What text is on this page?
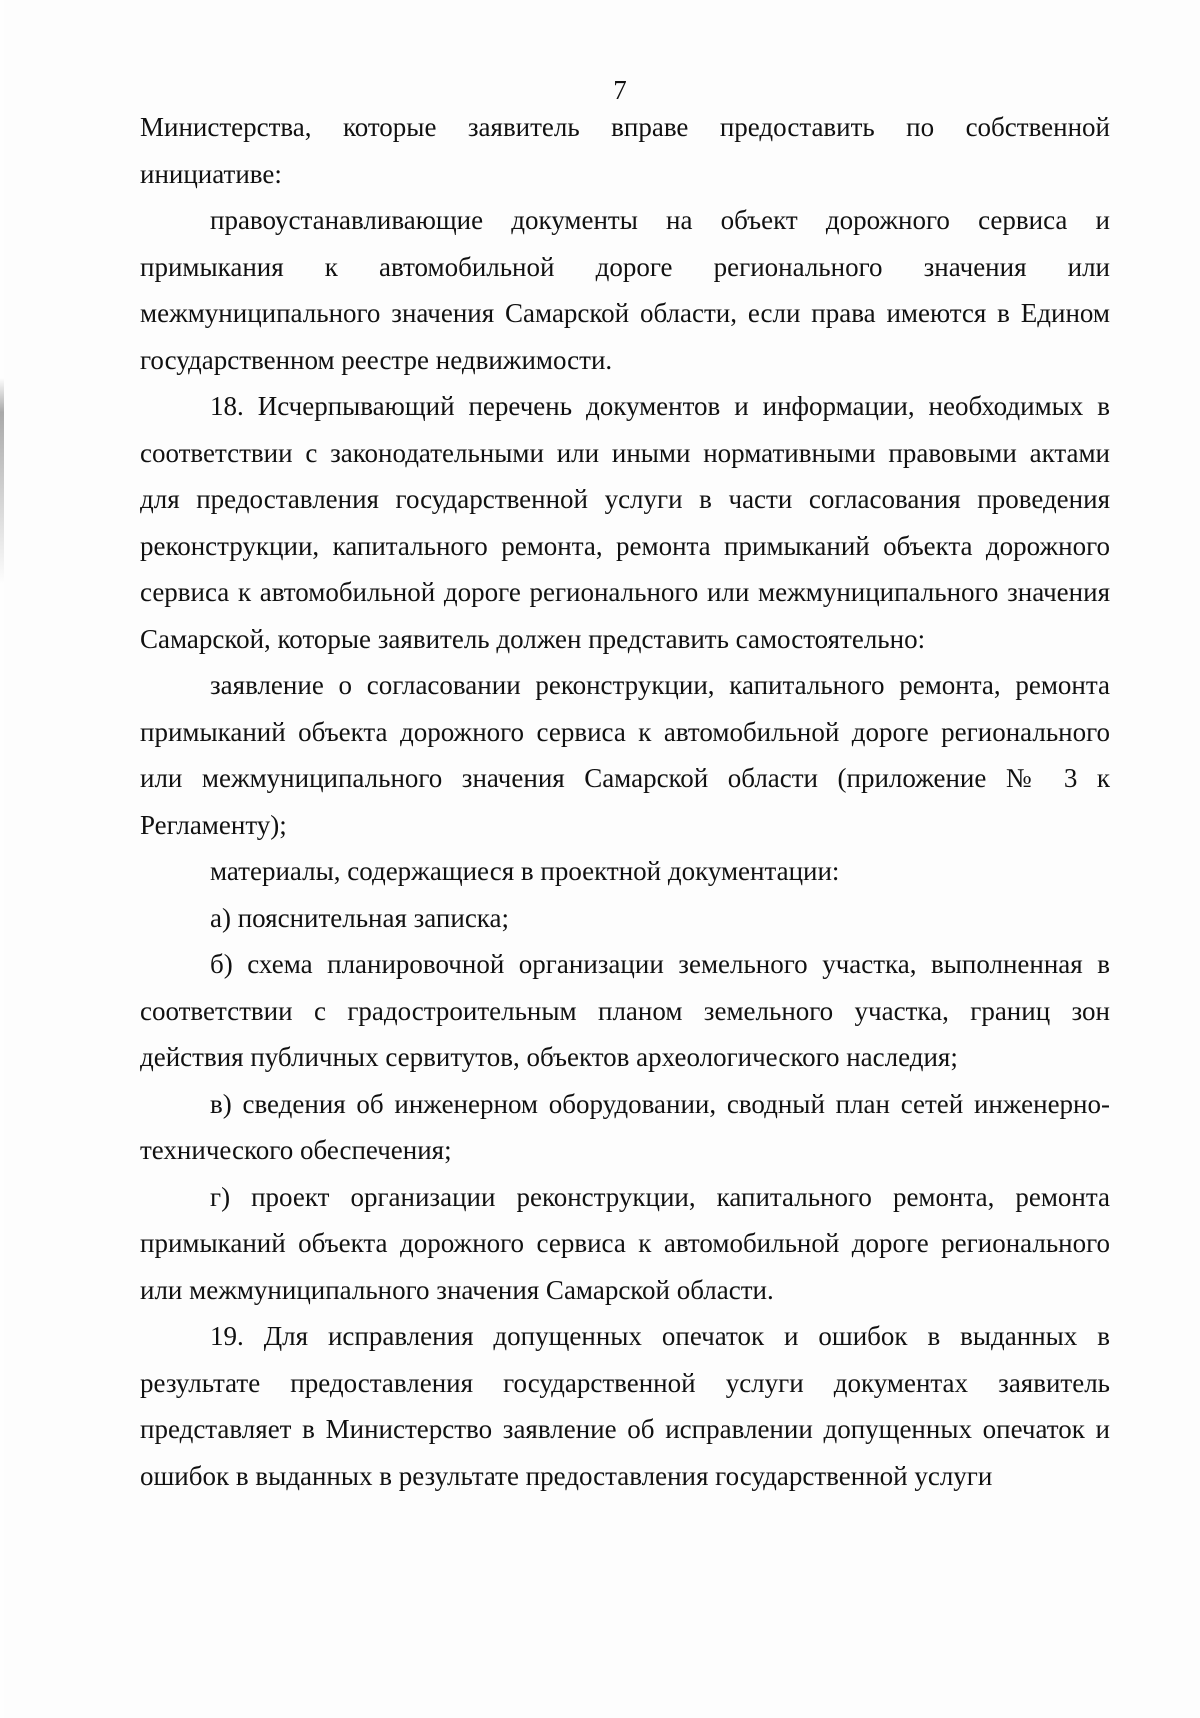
7

Министерства, которые заявитель вправе предоставить по собственной инициативе:

правоустанавливающие документы на объект дорожного сервиса и примыкания к автомобильной дороге регионального значения или межмуниципального значения Самарской области, если права имеются в Едином государственном реестре недвижимости.

18. Исчерпывающий перечень документов и информации, необходимых в соответствии с законодательными или иными нормативными правовыми актами для предоставления государственной услуги в части согласования проведения реконструкции, капитального ремонта, ремонта примыканий объекта дорожного сервиса к автомобильной дороге регионального или межмуниципального значения Самарской, которые заявитель должен представить самостоятельно:

заявление о согласовании реконструкции, капитального ремонта, ремонта примыканий объекта дорожного сервиса к автомобильной дороге регионального или межмуниципального значения Самарской области (приложение № 3 к Регламенту);

материалы, содержащиеся в проектной документации:

а) пояснительная записка;

б) схема планировочной организации земельного участка, выполненная в соответствии с градостроительным планом земельного участка, границ зон действия публичных сервитутов, объектов археологического наследия;

в) сведения об инженерном оборудовании, сводный план сетей инженерно-технического обеспечения;

г) проект организации реконструкции, капитального ремонта, ремонта примыканий объекта дорожного сервиса к автомобильной дороге регионального или межмуниципального значения Самарской области.

19. Для исправления допущенных опечаток и ошибок в выданных в результате предоставления государственной услуги документах заявитель представляет в Министерство заявление об исправлении допущенных опечаток и ошибок в выданных в результате предоставления государственной услуги
